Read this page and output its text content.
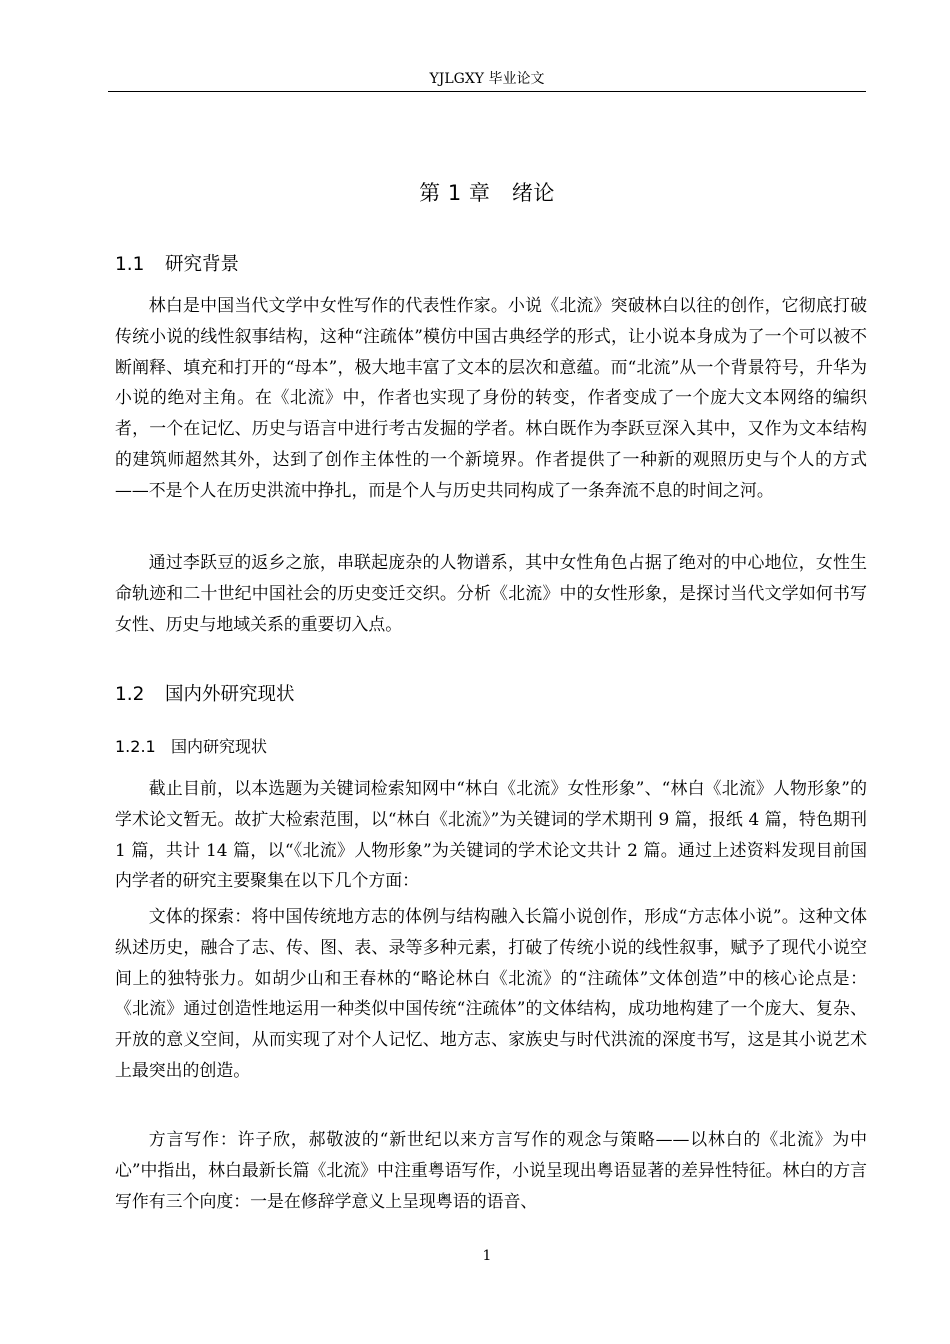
YJLGXY 毕业论文
第 1 章　绪论
1.1 研究背景

林白是中国当代文学中女性写作的代表性作家。小说《北流》突破林白以往的创作，它彻底打破传统小说的线性叙事结构，这种“注疏体”模仿中国古典经学的形式，让小说本身成为了一个可以被不断阐释、填充和打开的“母本”，极大地丰富了文本的层次和意蕴。而“北流”从一个背景符号，升华为小说的绝对主角。在《北流》中，作者也实现了身份的转变，作者变成了一个庞大文本网络的编织者，一个在记忆、历史与语言中进行考古发掘的学者。林白既作为李跃豆深入其中，又作为文本结构的建筑师超然其外，达到了创作主体性的一个新境界。作者提供了一种新的观照历史与个人的方式——不是个人在历史洪流中挣扎，而是个人与历史共同构成了一条奔流不息的时间之河。

通过李跃豆的返乡之旅，串联起庞杂的人物谱系，其中女性角色占据了绝对的中心地位，女性生命轨迹和二十世纪中国社会的历史变迁交织。分析《北流》中的女性形象，是探讨当代文学如何书写女性、历史与地域关系的重要切入点。

1.2 国内外研究现状
1.2.1 国内研究现状

截止目前，以本选题为关键词检索知网中“林白《北流》女性形象”、“林白《北流》人物形象”的学术论文暂无。故扩大检索范围，以“林白《北流》”为关键词的学术期刊 9 篇，报纸 4 篇，特色期刊 1 篇，共计 14 篇，以“《北流》人物形象”为关键词的学术论文共计 2 篇。通过上述资料发现目前国内学者的研究主要聚集在以下几个方面：

文体的探索：将中国传统地方志的体例与结构融入长篇小说创作，形成“方志体小说”。这种文体纵述历史，融合了志、传、图、表、录等多种元素，打破了传统小说的线性叙事，赋予了现代小说空间上的独特张力。如胡少山和王春林的“略论林白《北流》的“注疏体”文体创造”中的核心论点是：《北流》通过创造性地运用一种类似中国传统“注疏体”的文体结构，成功地构建了一个庞大、复杂、开放的意义空间，从而实现了对个人记忆、地方志、家族史与时代洪流的深度书写，这是其小说艺术上最突出的创造。

方言写作：许子欣，郝敬波的“新世纪以来方言写作的观念与策略——以林白的《北流》为中心”中指出，林白最新长篇《北流》中注重粤语写作，小说呈现出粤语显著的差异性特征。林白的方言写作有三个向度：一是在修辞学意义上呈现粤语的语音、

1
